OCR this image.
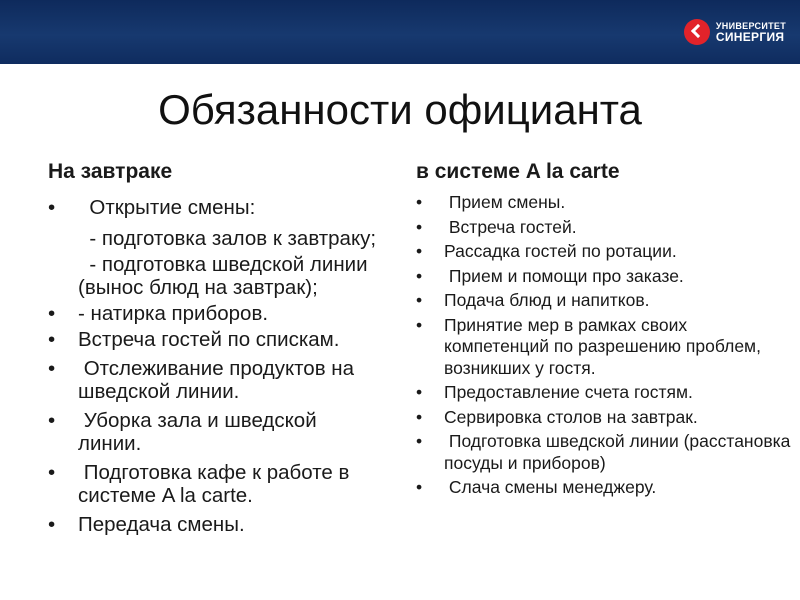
УНИВЕРСИТЕТ
СИНЕРГИЯ
Обязанности официанта
На завтраке	в системе A la carte
• Открытие смены:
- подготовка залов к завтраку;
- подготовка шведской линии (вынос блюд на завтрак);
• - натирка приборов.
• Встреча гостей по спискам.
• Отслеживание продуктов на шведской линии.
• Уборка зала и шведской линии.
• Подготовка кафе к работе в системе A la carte.
• Передача смены.
• Прием смены.
• Встреча гостей.
• Рассадка гостей по ротации.
• Прием и помощи про заказе.
• Подача блюд и напитков.
• Принятие мер в рамках своих компетенций по разрешению проблем, возникших у гостя.
• Предоставление счета гостям.
• Сервировка столов на завтрак.
• Подготовка шведской линии (расстановка посуды и приборов)
• Слача смены менеджеру.
